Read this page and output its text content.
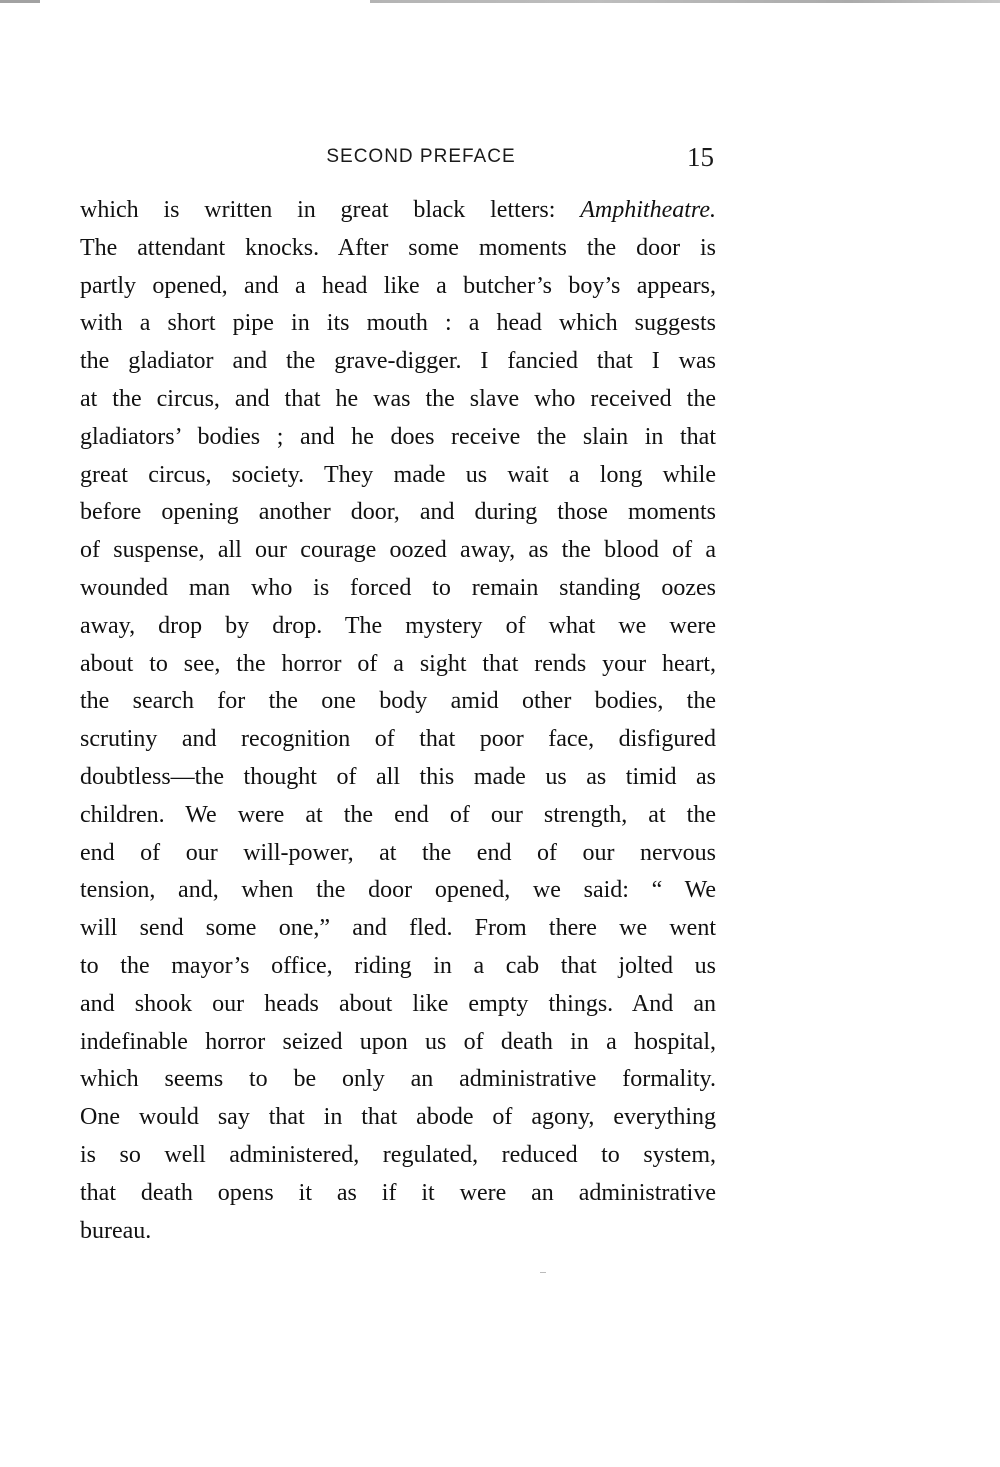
SECOND PREFACE	15
which is written in great black letters: Amphitheatre.
The attendant knocks. After some moments the door is
partly opened, and a head like a butcher’s boy’s appears,
with a short pipe in its mouth : a head which suggests
the gladiator and the grave-digger. I fancied that I was
at the circus, and that he was the slave who received the
gladiators’ bodies ; and he does receive the slain in that
great circus, society. They made us wait a long while
before opening another door, and during those moments
of suspense, all our courage oozed away, as the blood of a
wounded man who is forced to remain standing oozes
away, drop by drop. The mystery of what we were
about to see, the horror of a sight that rends your heart,
the search for the one body amid other bodies, the
scrutiny and recognition of that poor face, disfigured
doubtless—the thought of all this made us as timid as
children. We were at the end of our strength, at the
end of our will-power, at the end of our nervous
tension, and, when the door opened, we said: “ We
will send some one,” and fled. From there we went
to the mayor’s office, riding in a cab that jolted us
and shook our heads about like empty things. And an
indefinable horror seized upon us of death in a hospital,
which seems to be only an administrative formality.
One would say that in that abode of agony, everything
is so well administered, regulated, reduced to system,
that death opens it as if it were an administrative
bureau.
